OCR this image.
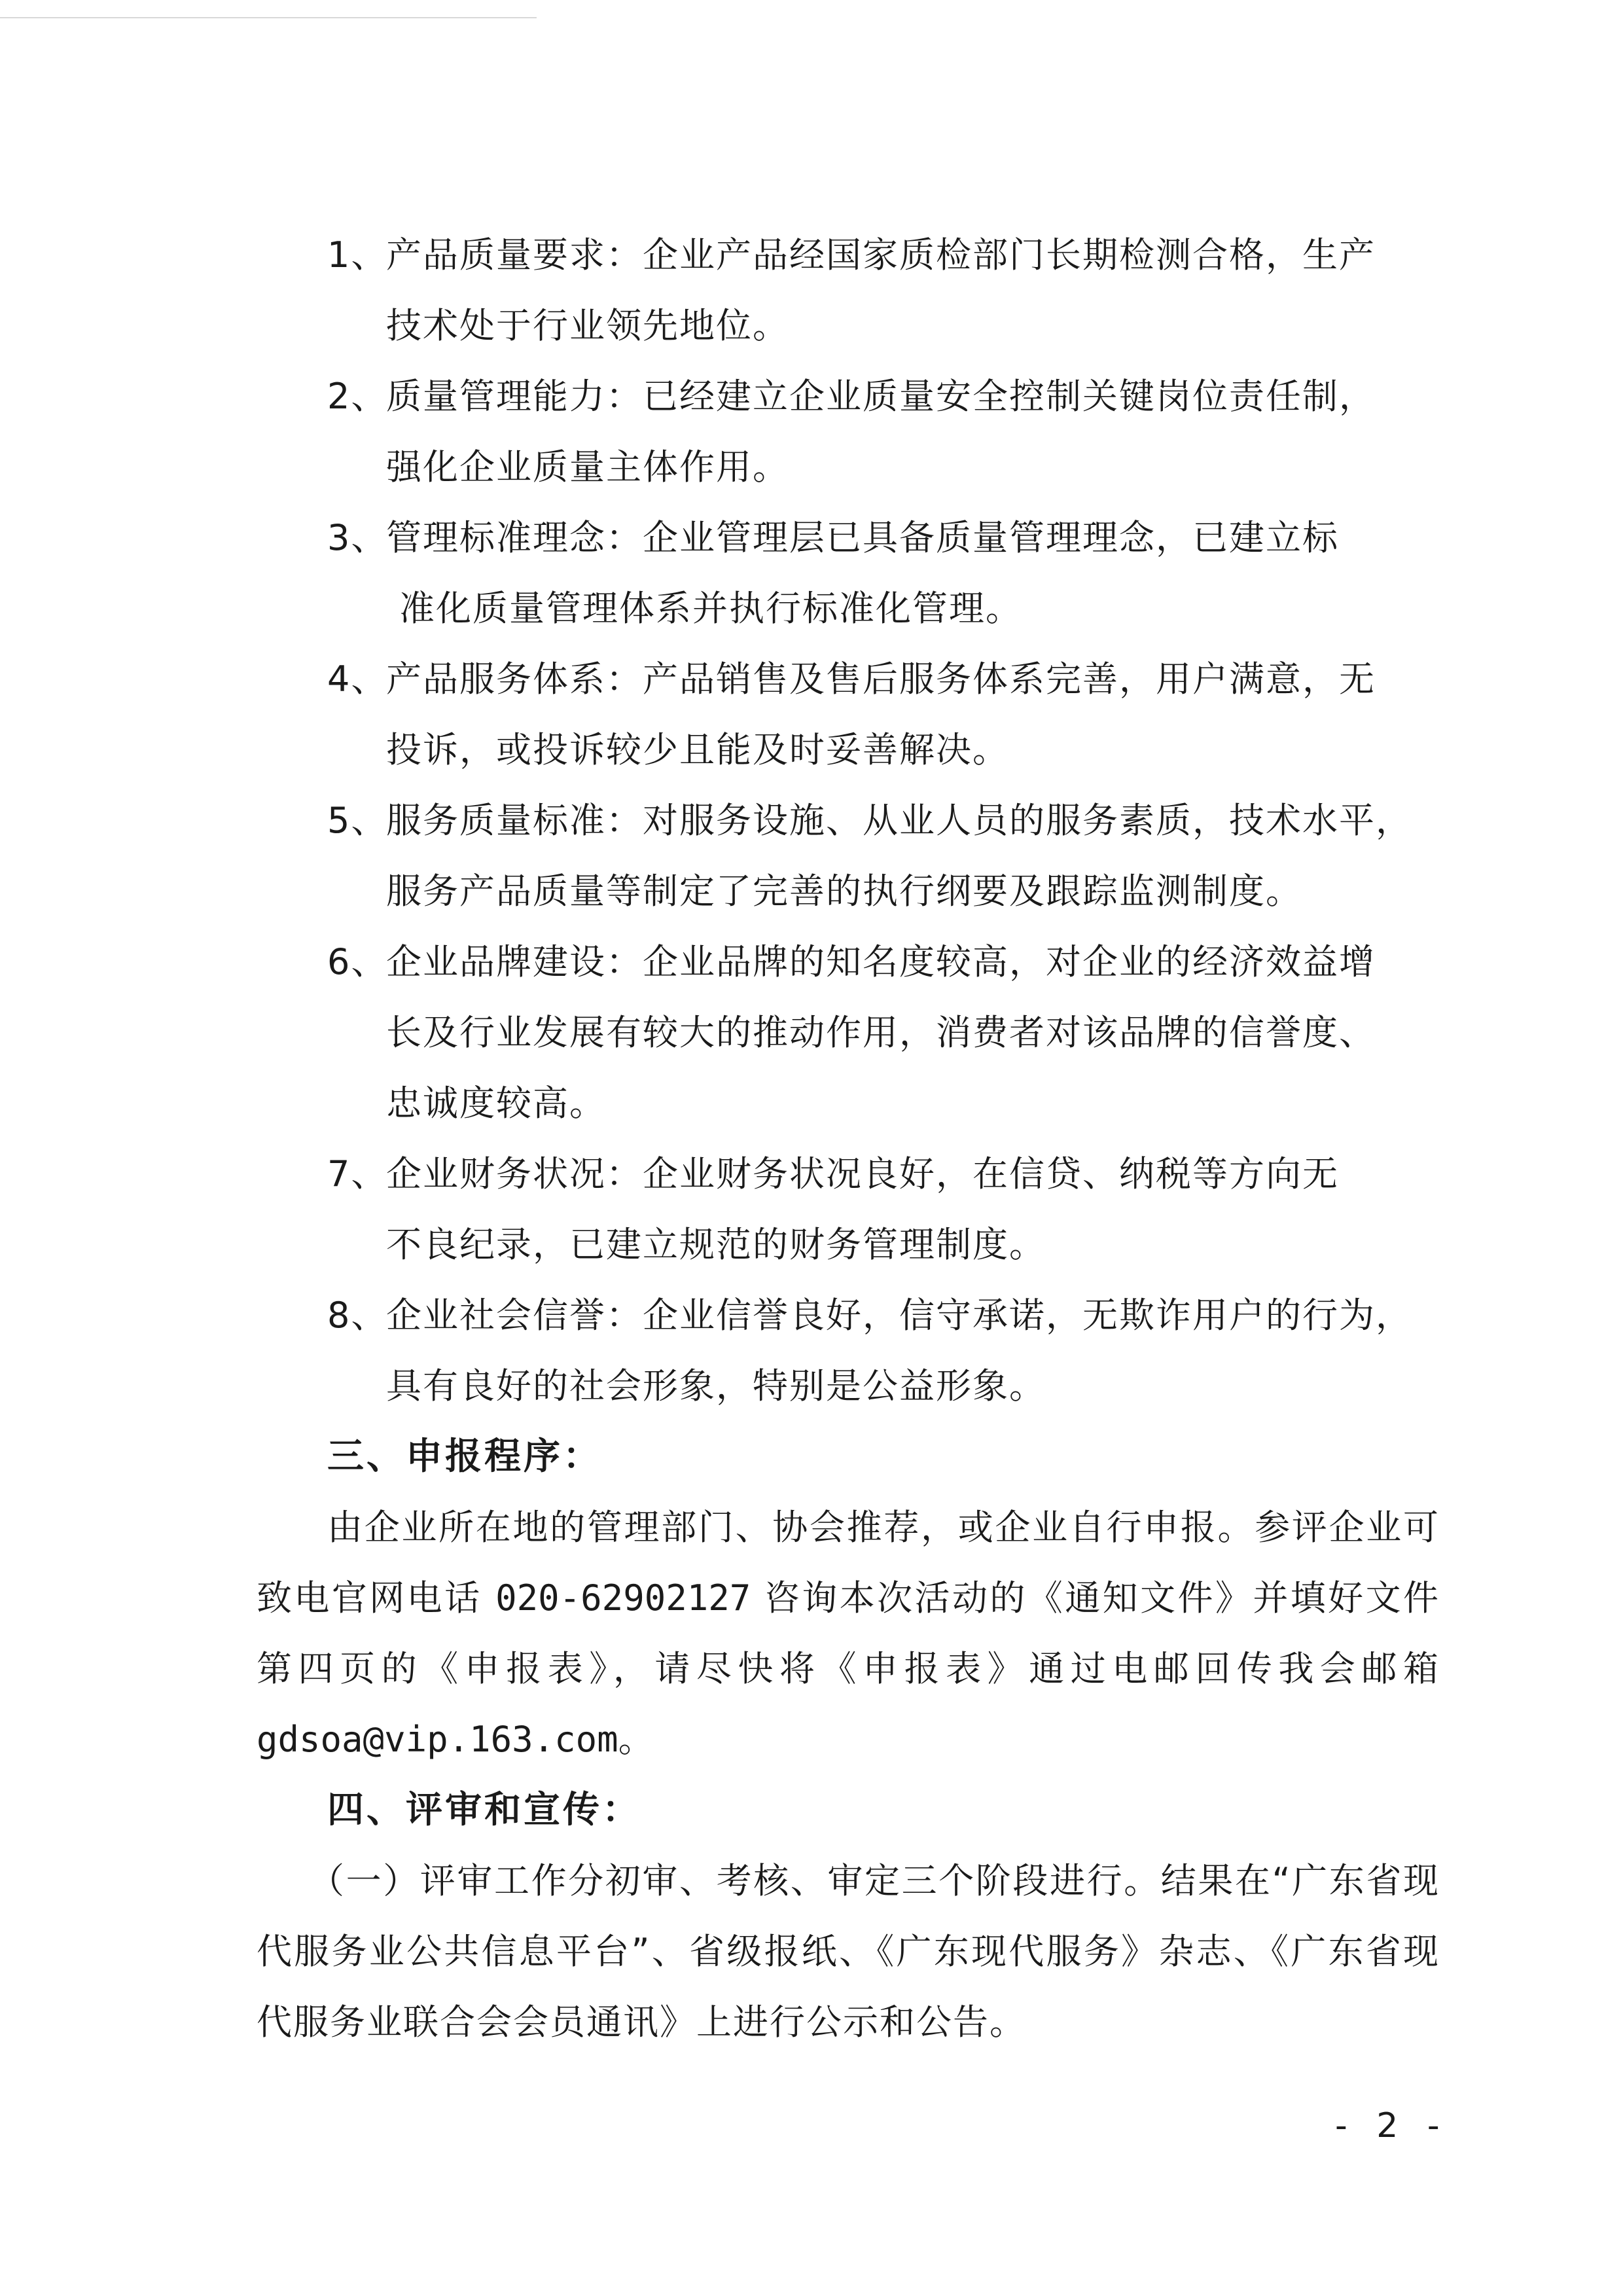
1、产品质量要求：企业产品经国家质检部门长期检测合格，生产
技术处于行业领先地位。
2、质量管理能力：已经建立企业质量安全控制关键岗位责任制，
强化企业质量主体作用。
3、管理标准理念：企业管理层已具备质量管理理念，已建立标
准化质量管理体系并执行标准化管理。
4、产品服务体系：产品销售及售后服务体系完善，用户满意，无
投诉，或投诉较少且能及时妥善解决。
5、服务质量标准：对服务设施、从业人员的服务素质，技术水平，
服务产品质量等制定了完善的执行纲要及跟踪监测制度。
6、企业品牌建设：企业品牌的知名度较高，对企业的经济效益增
长及行业发展有较大的推动作用，消费者对该品牌的信誉度、
忠诚度较高。
7、企业财务状况：企业财务状况良好，在信贷、纳税等方向无
不良纪录，已建立规范的财务管理制度。
8、企业社会信誉：企业信誉良好，信守承诺，无欺诈用户的行为，
具有良好的社会形象，特别是公益形象。
三、申报程序：
由企业所在地的管理部门、协会推荐，或企业自行申报。参评企业可致电官网电话 020-62902127 咨询本次活动的《通知文件》并填好文件第四页的《申报表》，请尽快将《申报表》通过电邮回传我会邮箱 gdsoa@vip.163.com。
四、评审和宣传：
（一）评审工作分初审、考核、审定三个阶段进行。结果在“广东省现代服务业公共信息平台”、省级报纸、《广东现代服务》杂志、《广东省现代服务业联合会会员通讯》上进行公示和公告。
- 2 -
